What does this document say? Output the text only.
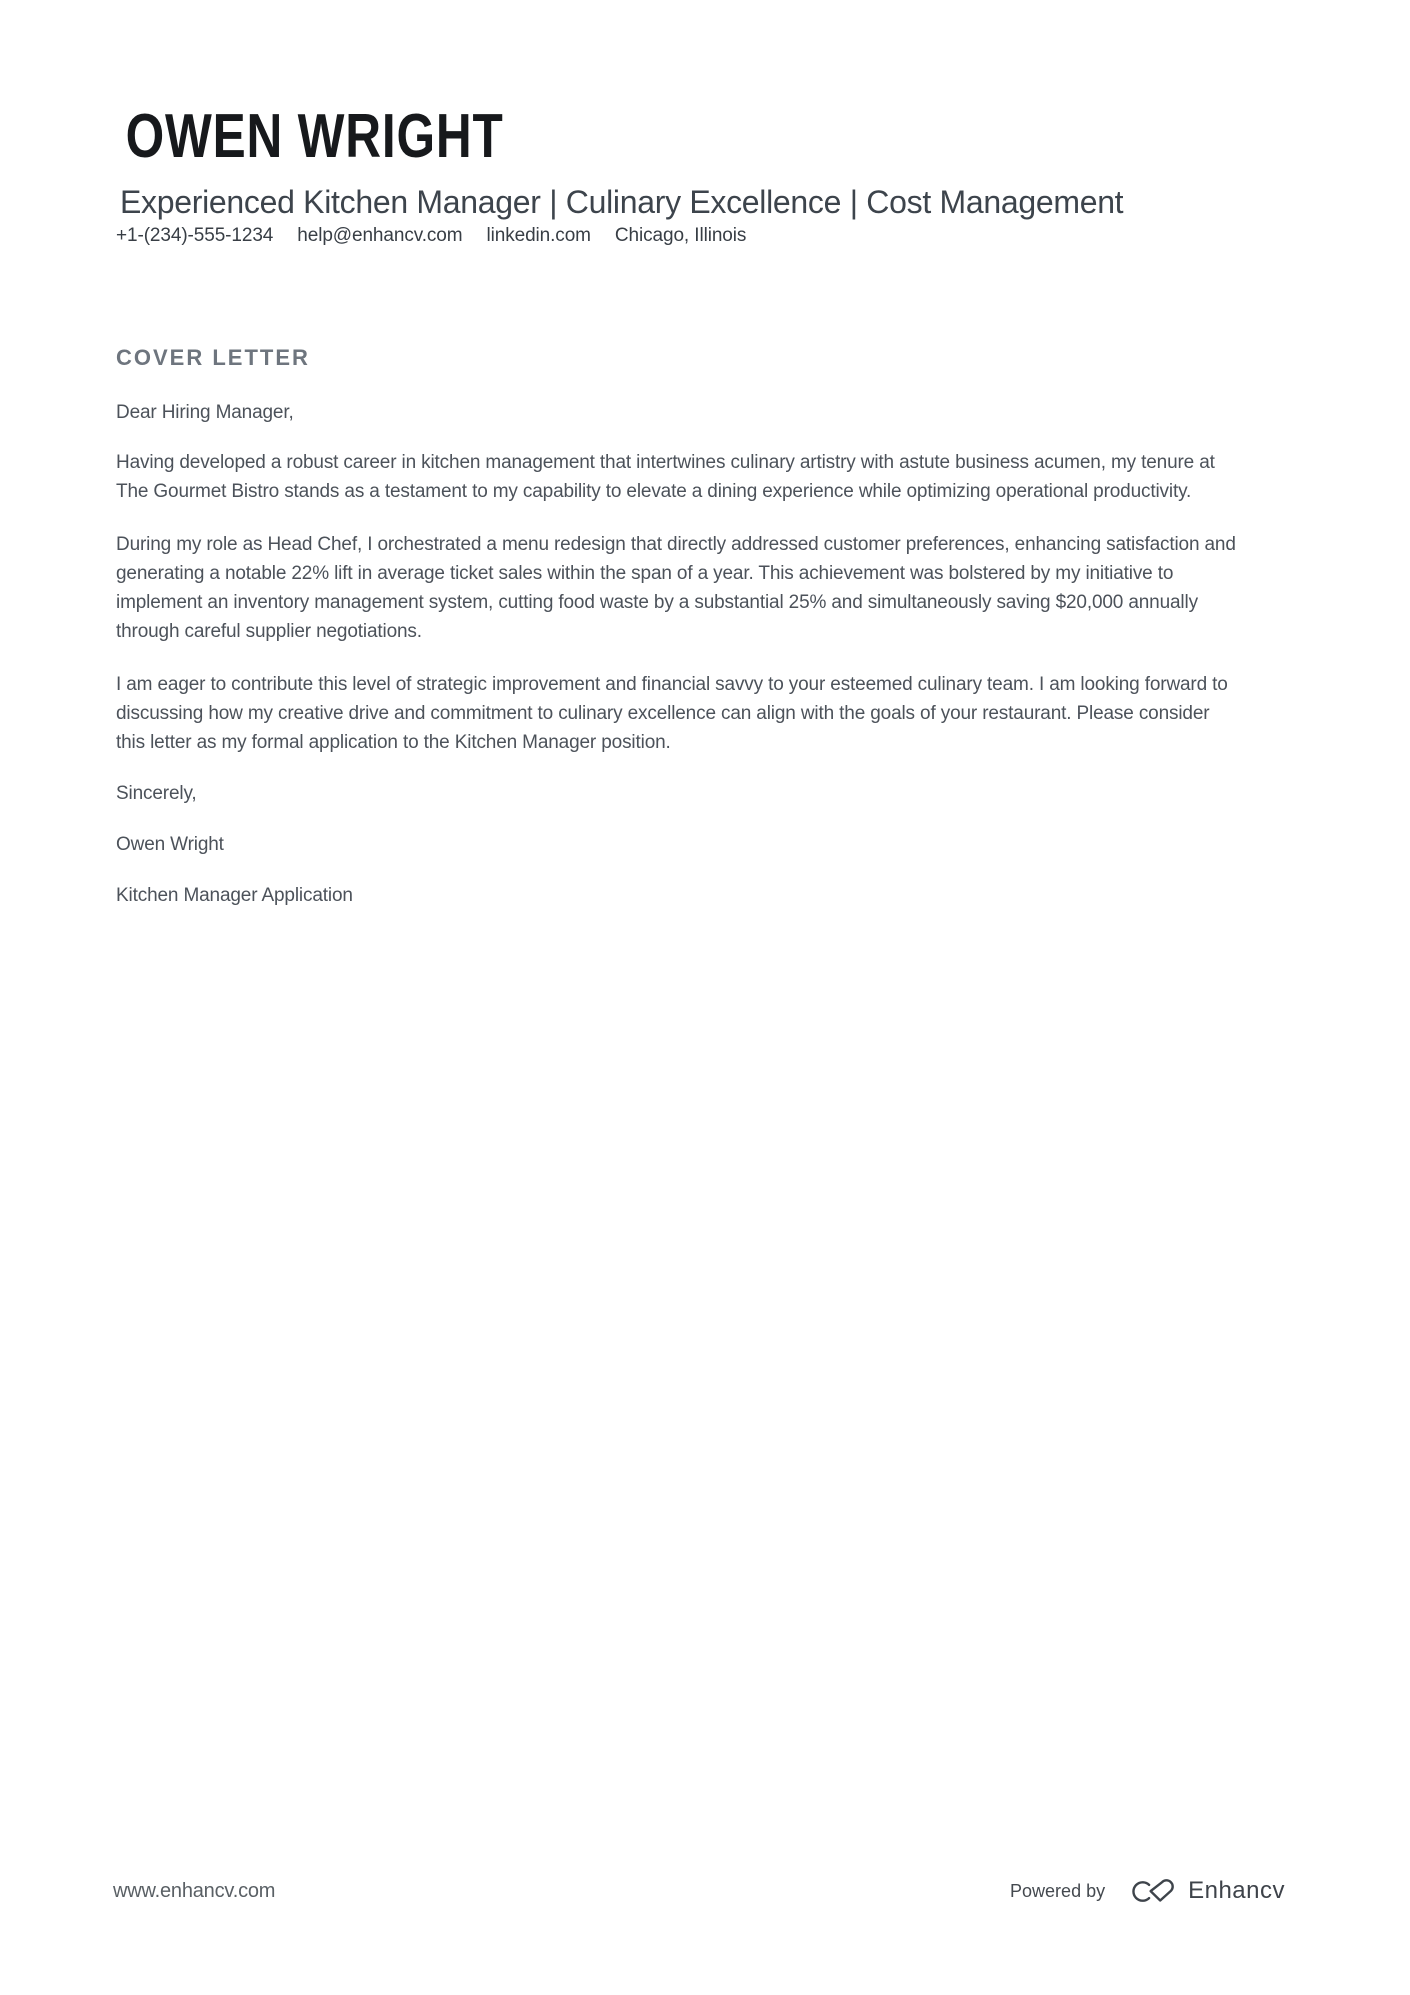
OWEN WRIGHT
Experienced Kitchen Manager | Culinary Excellence | Cost Management
+1-(234)-555-1234 help@enhancv.com linkedin.com Chicago, Illinois
COVER LETTER

Dear Hiring Manager,

Having developed a robust career in kitchen management that intertwines culinary artistry with astute business acumen, my tenure at The Gourmet Bistro stands as a testament to my capability to elevate a dining experience while optimizing operational productivity.

During my role as Head Chef, I orchestrated a menu redesign that directly addressed customer preferences, enhancing satisfaction and generating a notable 22% lift in average ticket sales within the span of a year. This achievement was bolstered by my initiative to implement an inventory management system, cutting food waste by a substantial 25% and simultaneously saving $20,000 annually through careful supplier negotiations.

I am eager to contribute this level of strategic improvement and financial savvy to your esteemed culinary team. I am looking forward to discussing how my creative drive and commitment to culinary excellence can align with the goals of your restaurant. Please consider this letter as my formal application to the Kitchen Manager position.

Sincerely,

Owen Wright

Kitchen Manager Application

www.enhancv.com	Powered by	Enhancv
